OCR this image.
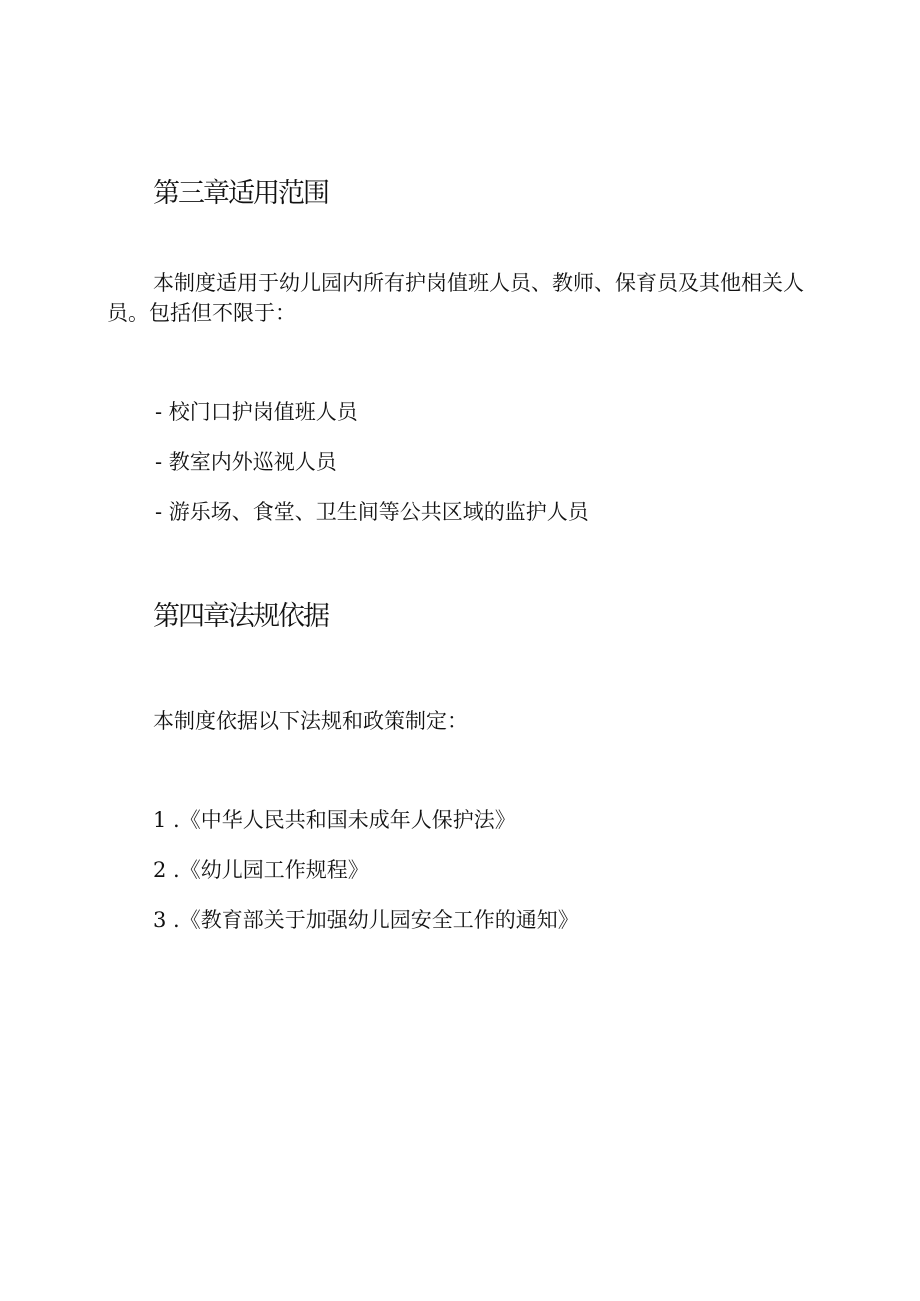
第三章适用范围

本制度适用于幼儿园内所有护岗值班人员、教师、保育员及其他相关人员。包括但不限于：

- 校门口护岗值班人员

- 教室内外巡视人员

- 游乐场、食堂、卫生间等公共区域的监护人员

第四章法规依据

本制度依据以下法规和政策制定：

1 .《中华人民共和国未成年人保护法》

2 .《幼儿园工作规程》

3 .《教育部关于加强幼儿园安全工作的通知》
